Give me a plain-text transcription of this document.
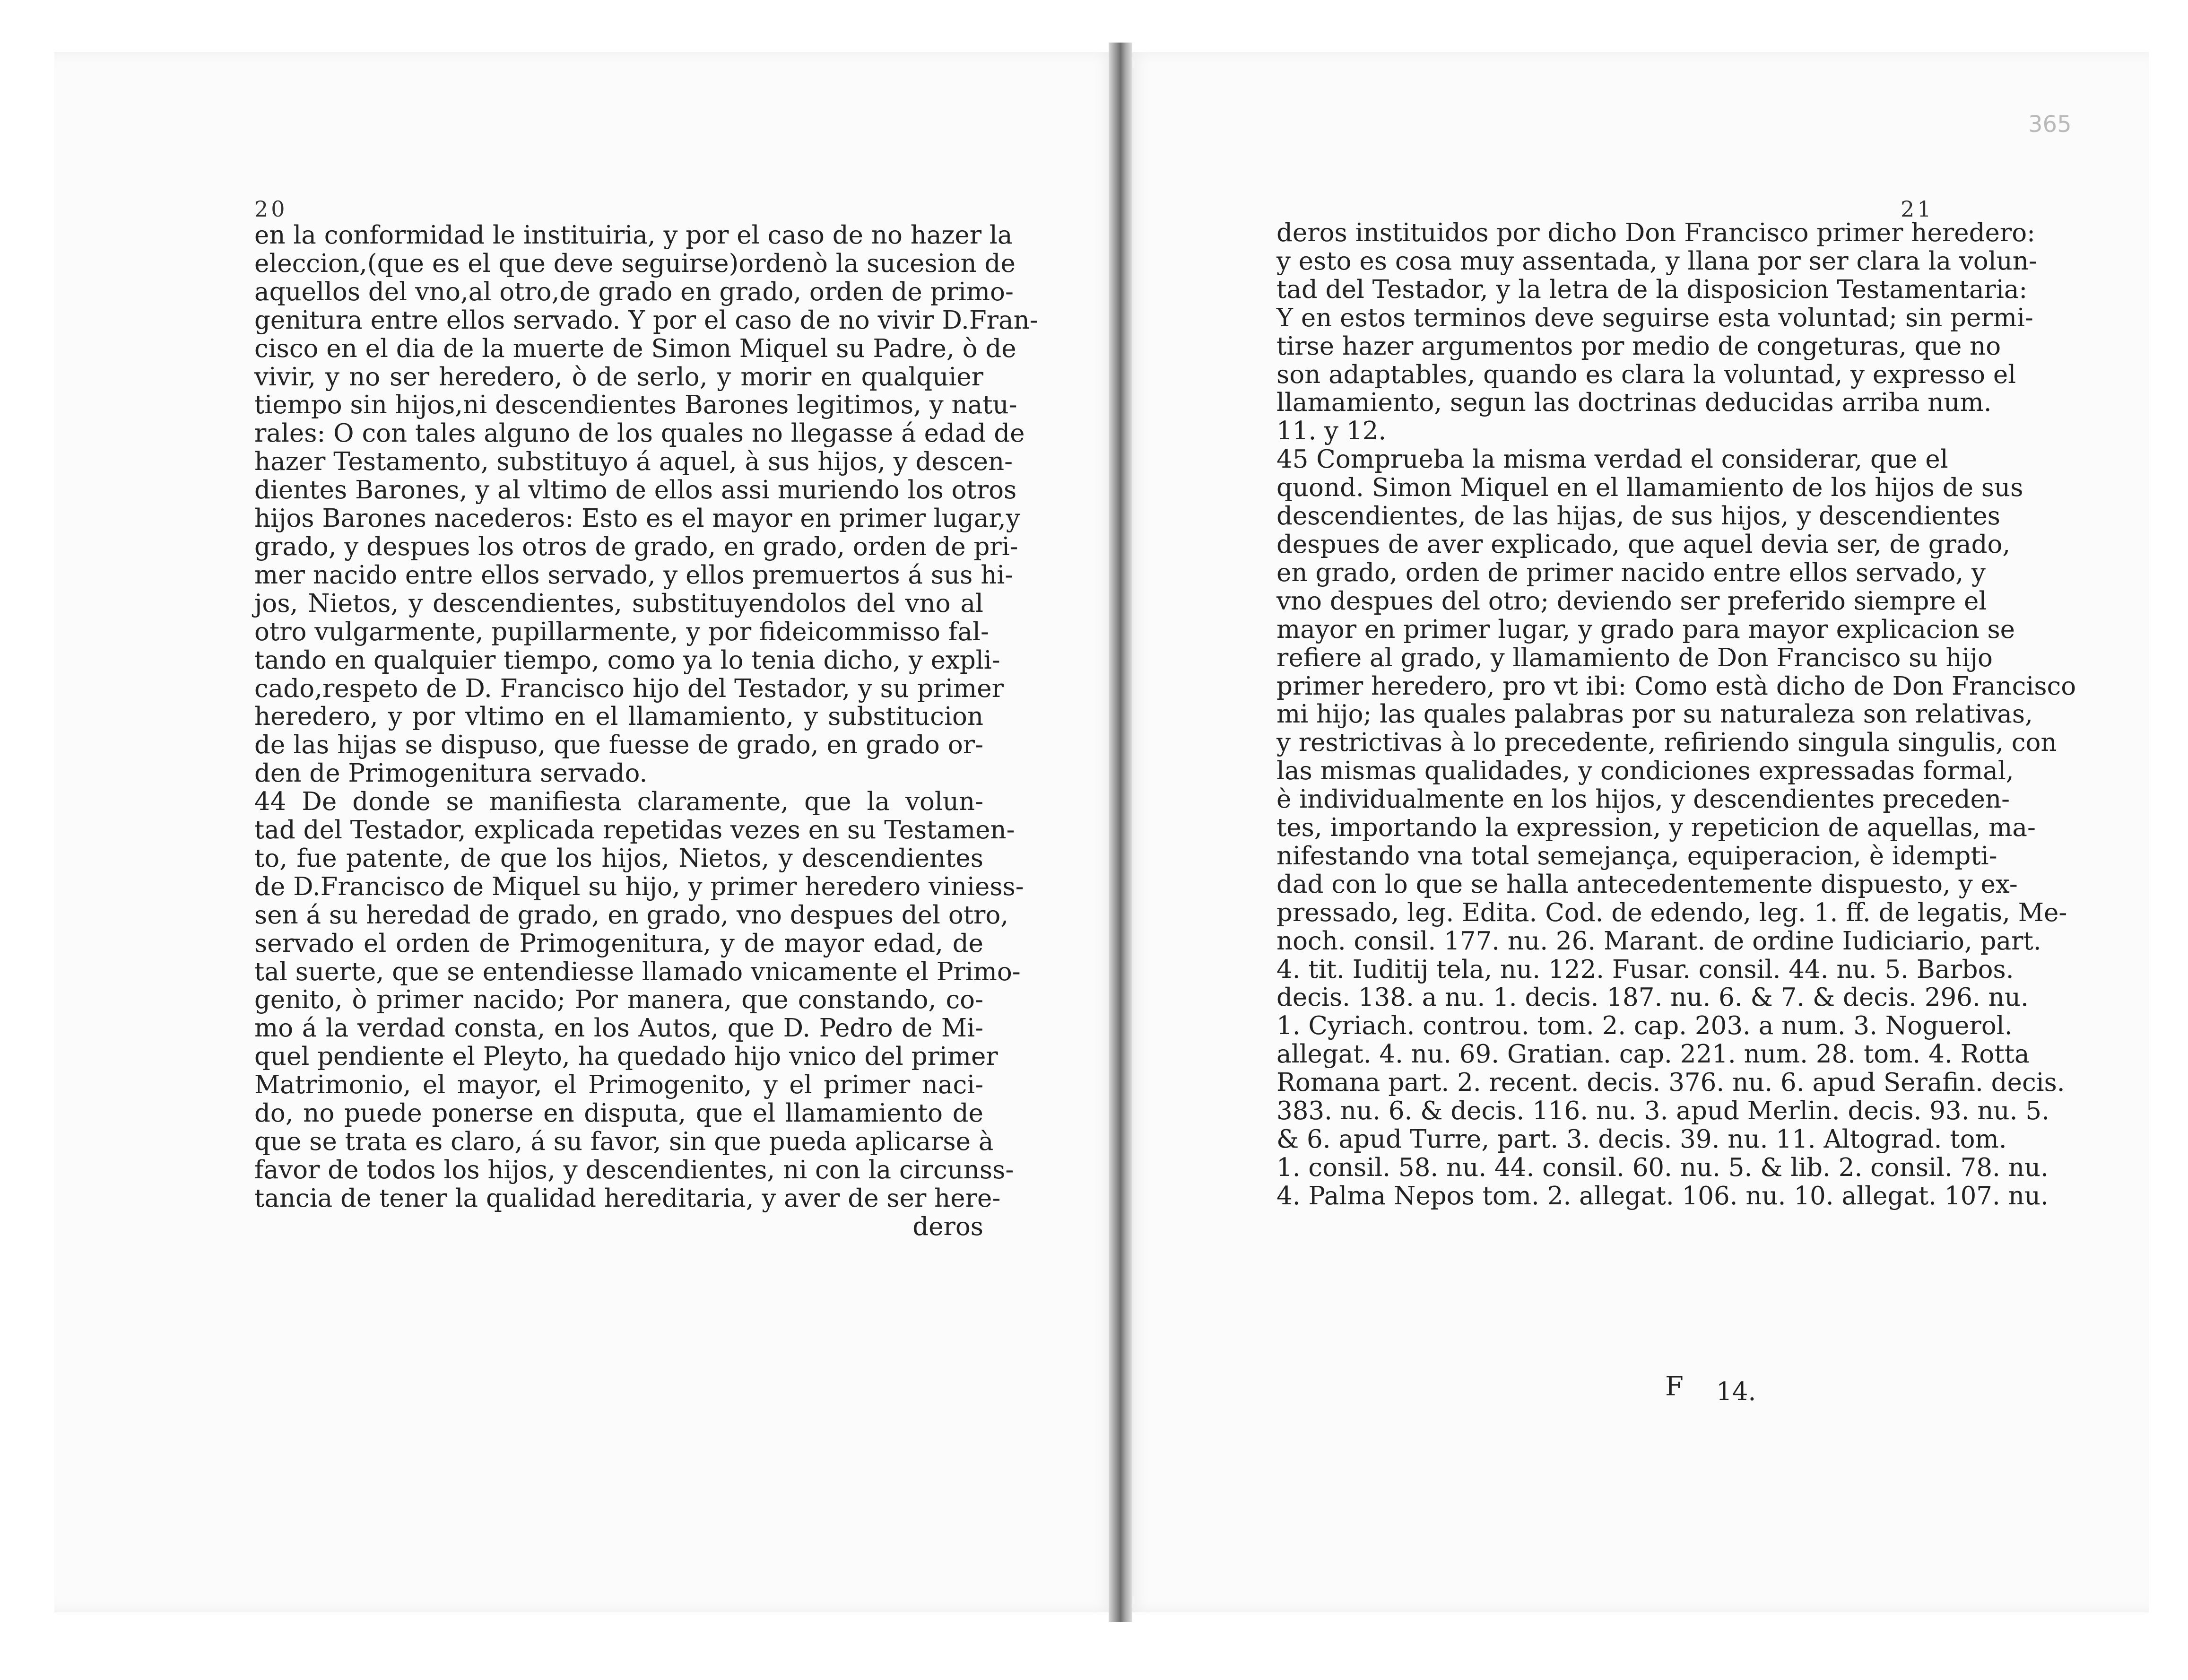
20	21
365
en la conformidad le instituiria, y por el caso de no hazer la
eleccion,(que es el que deve seguirse)ordenò la sucesion de
aquellos del vno,al otro,de grado en grado, orden de primo-
genitura entre ellos servado. Y por el caso de no vivir D.Fran-
cisco en el dia de la muerte de Simon Miquel su Padre, ò de
vivir, y no ser heredero, ò de serlo, y morir en qualquier
tiempo sin hijos,ni descendientes Barones legitimos, y natu-
rales: O con tales alguno de los quales no llegasse á edad de
hazer Testamento, substituyo á aquel, à sus hijos, y descen-
dientes Barones, y al vltimo de ellos assi muriendo los otros
hijos Barones nacederos: Esto es el mayor en primer lugar,y
grado, y despues los otros de grado, en grado, orden de pri-
mer nacido entre ellos servado, y ellos premuertos á sus hi-
jos, Nietos, y descendientes, substituyendolos del vno al
otro vulgarmente, pupillarmente, y por fideicommisso fal-
tando en qualquier tiempo, como ya lo tenia dicho, y expli-
cado,respeto de D. Francisco hijo del Testador, y su primer
heredero, y por vltimo en el llamamiento, y substitucion
de las hijas se dispuso, que fuesse de grado, en grado or-
den de Primogenitura servado.
44 De donde se manifiesta claramente, que la volun-
tad del Testador, explicada repetidas vezes en su Testamen-
to, fue patente, de que los hijos, Nietos, y descendientes
de D.Francisco de Miquel su hijo, y primer heredero viniess-
sen á su heredad de grado, en grado, vno despues del otro,
servado el orden de Primogenitura, y de mayor edad, de
tal suerte, que se entendiesse llamado vnicamente el Primo-
genito, ò primer nacido; Por manera, que constando, co-
mo á la verdad consta, en los Autos, que D. Pedro de Mi-
quel pendiente el Pleyto, ha quedado hijo vnico del primer
Matrimonio, el mayor, el Primogenito, y el primer naci-
do, no puede ponerse en disputa, que el llamamiento de
que se trata es claro, á su favor, sin que pueda aplicarse à
favor de todos los hijos, y descendientes, ni con la circunss-
tancia de tener la qualidad hereditaria, y aver de ser here-
deros
deros instituidos por dicho Don Francisco primer heredero:
y esto es cosa muy assentada, y llana por ser clara la volun-
tad del Testador, y la letra de la disposicion Testamentaria:
Y en estos terminos deve seguirse esta voluntad; sin permi-
tirse hazer argumentos por medio de congeturas, que no
son adaptables, quando es clara la voluntad, y expresso el
llamamiento, segun las doctrinas deducidas arriba num.
11. y 12.
45 Comprueba la misma verdad el considerar, que el
quond. Simon Miquel en el llamamiento de los hijos de sus
descendientes, de las hijas, de sus hijos, y descendientes
despues de aver explicado, que aquel devia ser, de grado,
en grado, orden de primer nacido entre ellos servado, y
vno despues del otro; deviendo ser preferido siempre el
mayor en primer lugar, y grado para mayor explicacion se
refiere al grado, y llamamiento de Don Francisco su hijo
primer heredero, pro vt ibi: Como està dicho de Don Francisco
mi hijo; las quales palabras por su naturaleza son relativas,
y restrictivas à lo precedente, refiriendo singula singulis, con
las mismas qualidades, y condiciones expressadas formal,
è individualmente en los hijos, y descendientes preceden-
tes, importando la expression, y repeticion de aquellas, ma-
nifestando vna total semejança, equiperacion, è idempti-
dad con lo que se halla antecedentemente dispuesto, y ex-
pressado, leg. Edita. Cod. de edendo, leg. 1. ff. de legatis, Me-
noch. consil. 177. nu. 26. Marant. de ordine Iudiciario, part.
4. tit. Iuditij tela, nu. 122. Fusar. consil. 44. nu. 5. Barbos.
decis. 138. a nu. 1. decis. 187. nu. 6. & 7. & decis. 296. nu.
1. Cyriach. controu. tom. 2. cap. 203. a num. 3. Noguerol.
allegat. 4. nu. 69. Gratian. cap. 221. num. 28. tom. 4. Rotta
Romana part. 2. recent. decis. 376. nu. 6. apud Serafin. decis.
383. nu. 6. & decis. 116. nu. 3. apud Merlin. decis. 93. nu. 5.
& 6. apud Turre, part. 3. decis. 39. nu. 11. Altograd. tom.
1. consil. 58. nu. 44. consil. 60. nu. 5. & lib. 2. consil. 78. nu.
4. Palma Nepos tom. 2. allegat. 106. nu. 10. allegat. 107. nu.
F 14.
